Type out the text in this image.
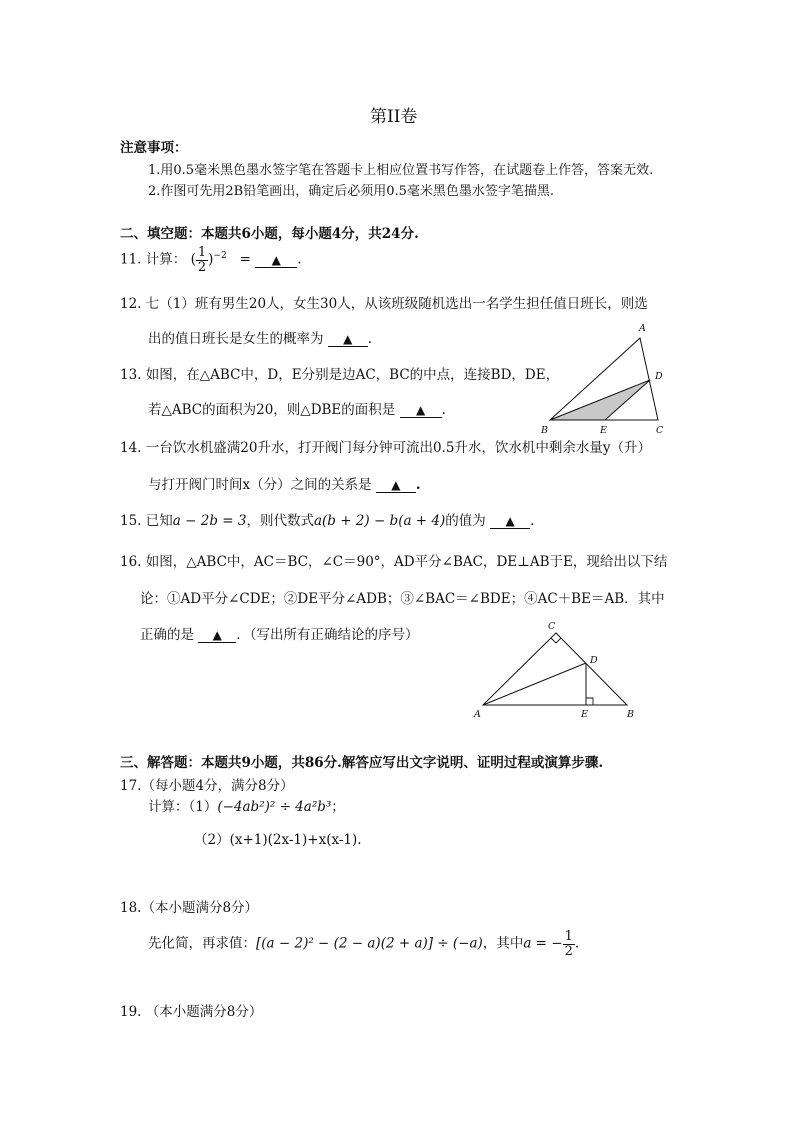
第II卷
注意事项：
1.用0.5毫米黑色墨水签字笔在答题卡上相应位置书写作答，在试题卷上作答，答案无效.
2.作图可先用2B铅笔画出，确定后必须用0.5毫米黑色墨水签字笔描黑.
二、填空题：本题共6小题，每小题4分，共24分.
11. 计算： ( $\frac{1}{2} )^{-2}$ = ▲ .
12. 七（1）班有男生20人，女生30人，从该班级随机选出一名学生担任值日班长，则选
出的值日班长是女生的概率为 ▲ .
13. 如图，在△ABC中，D，E分别是边AC，BC的中点，连接BD，DE，
若△ABC的面积为20，则△DBE的面积是 ▲ .
A
D
B	E	C
14. 一台饮水机盛满20升水，打开阀门每分钟可流出0.5升水，饮水机中剩余水量y（升）
与打开阀门时间x（分）之间的关系是 ▲ .
15. 已知a − 2b = 3，则代数式a(b + 2) − b(a + 4)的值为 ▲ .
16. 如图，△ABC中，AC＝BC，∠C＝90°，AD平分∠BAC，DE⊥AB于E，现给出以下结
论：①AD平分∠CDE；②DE平分∠ADB；③∠BAC＝∠BDE；④AC＋BE＝AB．其中
正确的是 ▲ ．（写出所有正确结论的序号）
C
D
A	E	B
三、解答题：本题共9小题，共86分.解答应写出文字说明、证明过程或演算步骤.
17.（每小题4分，满分8分）
计算：（1）(−4ab²)² ÷ 4a²b³；
（2）(x+1)(2x-1)+x(x-1).
18.（本小题满分8分）
先化简，再求值：[(a − 2)² − (2 − a)(2 + a)] ÷ (−a)，其中a = − $\frac{1}{2}$ .
19. （本小题满分8分）
